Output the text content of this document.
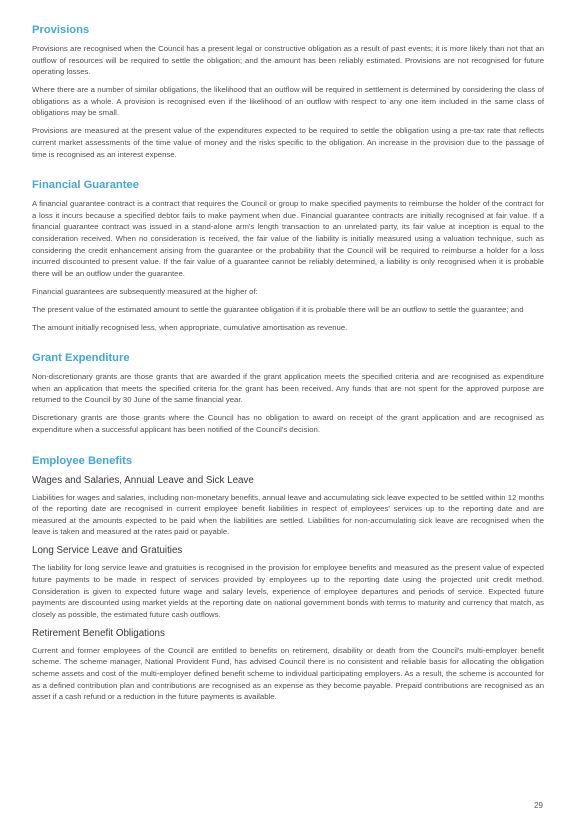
Provisions

Provisions are recognised when the Council has a present legal or constructive obligation as a result of past events; it is more likely than not that an outflow of resources will be required to settle the obligation; and the amount has been reliably estimated. Provisions are not recognised for future operating losses.

Where there are a number of similar obligations, the likelihood that an outflow will be required in settlement is determined by considering the class of obligations as a whole. A provision is recognised even if the likelihood of an outflow with respect to any one item included in the same class of obligations may be small.

Provisions are measured at the present value of the expenditures expected to be required to settle the obligation using a pre-tax rate that reflects current market assessments of the time value of money and the risks specific to the obligation. An increase in the provision due to the passage of time is recognised as an interest expense.

Financial Guarantee

A financial guarantee contract is a contract that requires the Council or group to make specified payments to reimburse the holder of the contract for a loss it incurs because a specified debtor fails to make payment when due. Financial guarantee contracts are initially recognised at fair value. If a financial guarantee contract was issued in a stand-alone arm's length transaction to an unrelated party, its fair value at inception is equal to the consideration received. When no consideration is received, the fair value of the liability is initially measured using a valuation technique, such as considering the credit enhancement arising from the guarantee or the probability that the Council will be required to reimburse a holder for a loss incurred discounted to present value. If the fair value of a guarantee cannot be reliably determined, a liability is only recognised when it is probable there will be an outflow under the guarantee.

Financial guarantees are subsequently measured at the higher of:

The present value of the estimated amount to settle the guarantee obligation if it is probable there will be an outflow to settle the guarantee; and

The amount initially recognised less, when appropriate, cumulative amortisation as revenue.

Grant Expenditure

Non-discretionary grants are those grants that are awarded if the grant application meets the specified criteria and are recognised as expenditure when an application that meets the specified criteria for the grant has been received. Any funds that are not spent for the approved purpose are returned to the Council by 30 June of the same financial year.

Discretionary grants are those grants where the Council has no obligation to award on receipt of the grant application and are recognised as expenditure when a successful applicant has been notified of the Council's decision.

Employee Benefits
Wages and Salaries, Annual Leave and Sick Leave

Liabilities for wages and salaries, including non-monetary benefits, annual leave and accumulating sick leave expected to be settled within 12 months of the reporting date are recognised in current employee benefit liabilities in respect of employees' services up to the reporting date and are measured at the amounts expected to be paid when the liabilities are settled. Liabilities for non-accumulating sick leave are recognised when the leave is taken and measured at the rates paid or payable.

Long Service Leave and Gratuities

The liability for long service leave and gratuities is recognised in the provision for employee benefits and measured as the present value of expected future payments to be made in respect of services provided by employees up to the reporting date using the projected unit credit method. Consideration is given to expected future wage and salary levels, experience of employee departures and periods of service. Expected future payments are discounted using market yields at the reporting date on national government bonds with terms to maturity and currency that match, as closely as possible, the estimated future cash outflows.

Retirement Benefit Obligations

Current and former employees of the Council are entitled to benefits on retirement, disability or death from the Council's multi-employer benefit scheme. The scheme manager, National Provident Fund, has advised Council there is no consistent and reliable basis for allocating the obligation scheme assets and cost of the multi-employer defined benefit scheme to individual participating employers. As a result, the scheme is accounted for as a defined contribution plan and contributions are recognised as an expense as they become payable. Prepaid contributions are recognised as an asset if a cash refund or a reduction in the future payments is available.

29
